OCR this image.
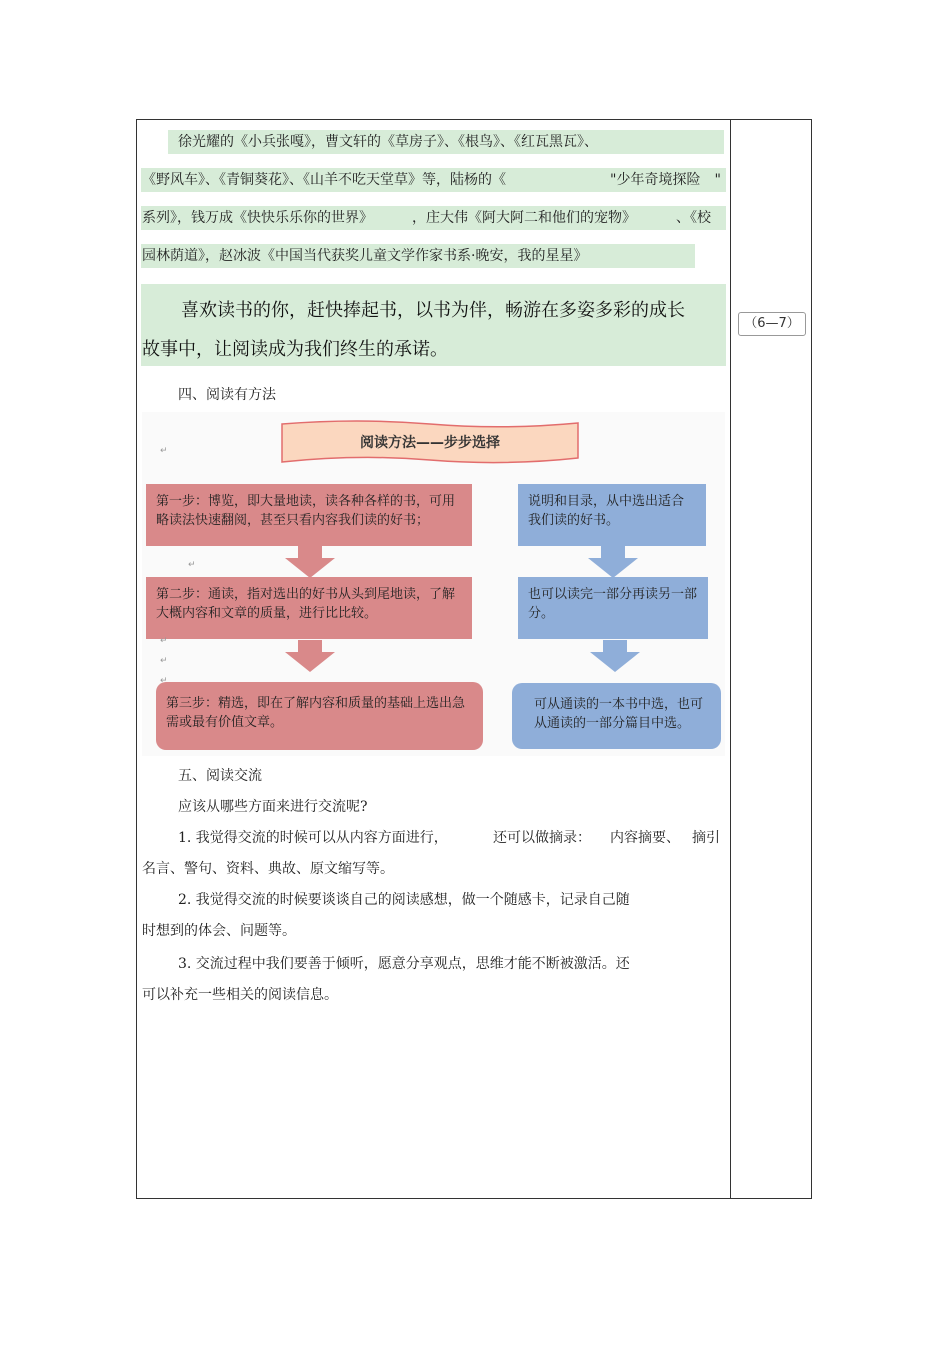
（6—7）
徐光耀的《小兵张嘎》，曹文轩的《草房子》、《根鸟》、《红瓦黑瓦》、
《野风车》、《青铜葵花》、《山羊不吃天堂草》等，陆杨的《	"少年奇境探险　"
系列》，钱万成《快快乐乐你的世界》	，庄大伟《阿大阿二和他们的宠物》	、《校
园林荫道》，赵冰波《中国当代获奖儿童文学作家书系·晚安，我的星星》
喜欢读书的你，赶快捧起书，以书为伴，畅游在多姿多彩的成长
故事中，让阅读成为我们终生的承诺。
四、阅读有方法
阅读方法——步步选择
第一步：博览，即大量地读，读各种各样的书，可用略读法快速翻阅，甚至只看内容我们读的好书；
第二步：通读，指对选出的好书从头到尾地读，了解大概内容和文章的质量，进行比比较。
第三步：精选，即在了解内容和质量的基础上选出急需或最有价值文章。
说明和目录，从中选出适合我们读的好书。
也可以读完一部分再读另一部分。
可从通读的一本书中选，也可从通读的一部分篇目中选。
↵
↵
↵
↵
↵
五、阅读交流
应该从哪些方面来进行交流呢?
1. 我觉得交流的时候可以从内容方面进行，	还可以做摘录： 内容摘要、 摘引
名言、警句、资料、典故、原文缩写等。
2. 我觉得交流的时候要谈谈自己的阅读感想，做一个随感卡，记录自己随
时想到的体会、问题等。
3. 交流过程中我们要善于倾听，愿意分享观点，思维才能不断被激活。还
可以补充一些相关的阅读信息。
